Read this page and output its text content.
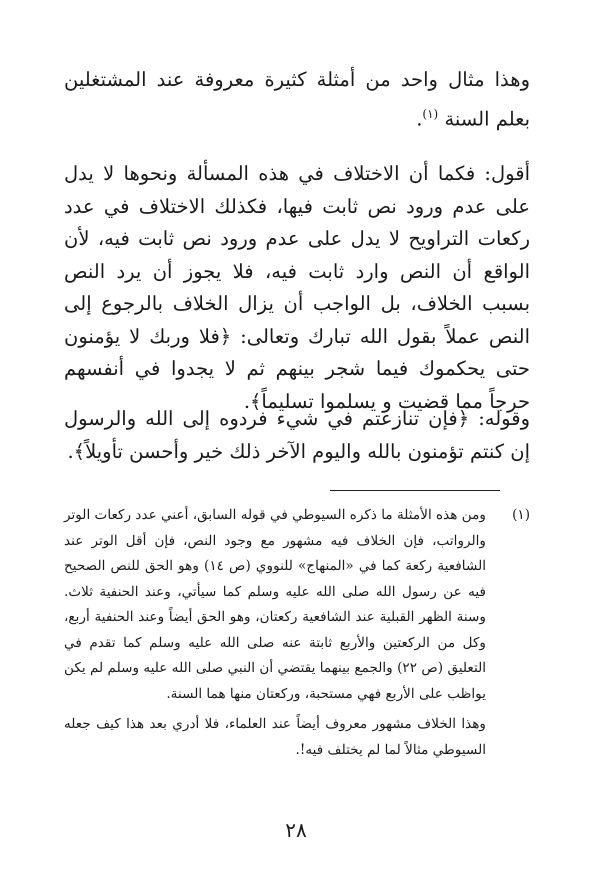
وهذا مثال واحد من أمثلة كثيرة معروفة عند المشتغلين بعلم السنة $^{(١)}$.

أقول: فكما أن الاختلاف في هذه المسألة ونحوها لا يدل على عدم ورود نص ثابت فيها، فكذلك الاختلاف في عدد ركعات التراويح لا يدل على عدم ورود نص ثابت فيه، لأن الواقع أن النص وارد ثابت فيه، فلا يجوز أن يرد النص بسبب الخلاف، بل الواجب أن يزال الخلاف بالرجوع إلى النص عملاً بقول الله تبارك وتعالى: ﴿فلا وربك لا يؤمنون حتى يحكموك فيما شجر بينهم ثم لا يجدوا في أنفسهم حرجاً مما قضيت و يسلموا تسليماً﴾.

وقوله: ﴿فإن تنازعتم في شيء فردوه إلى الله والرسول إن كنتم تؤمنون بالله واليوم الآخر ذلك خير وأحسن تأويلاً﴾.

(١)

ومن هذه الأمثلة ما ذكره السيوطي في قوله السابق، أعني عدد ركعات الوتر والرواتب، فإن الخلاف فيه مشهور مع وجود النص، فإن أقل الوتر عند الشافعية ركعة كما في «المنهاج» للنووي (ص ١٤) وهو الحق للنص الصحيح فيه عن رسول الله صلى الله عليه وسلم كما سيأتي، وعند الحنفية ثلاث. وسنة الظهر القبلية عند الشافعية ركعتان، وهو الحق أيضاً وعند الحنفية أربع، وكل من الركعتين والأربع ثابتة عنه صلى الله عليه وسلم كما تقدم في التعليق (ص ٢٢) والجمع بينهما يقتضي أن النبي صلى الله عليه وسلم لم يكن يواظب على الأربع فهي مستحبة، وركعتان منها هما السنة.

وهذا الخلاف مشهور معروف أيضاً عند العلماء، فلا أدري بعد هذا كيف جعله السيوطي مثالاً لما لم يختلف فيه!.

٢٨
